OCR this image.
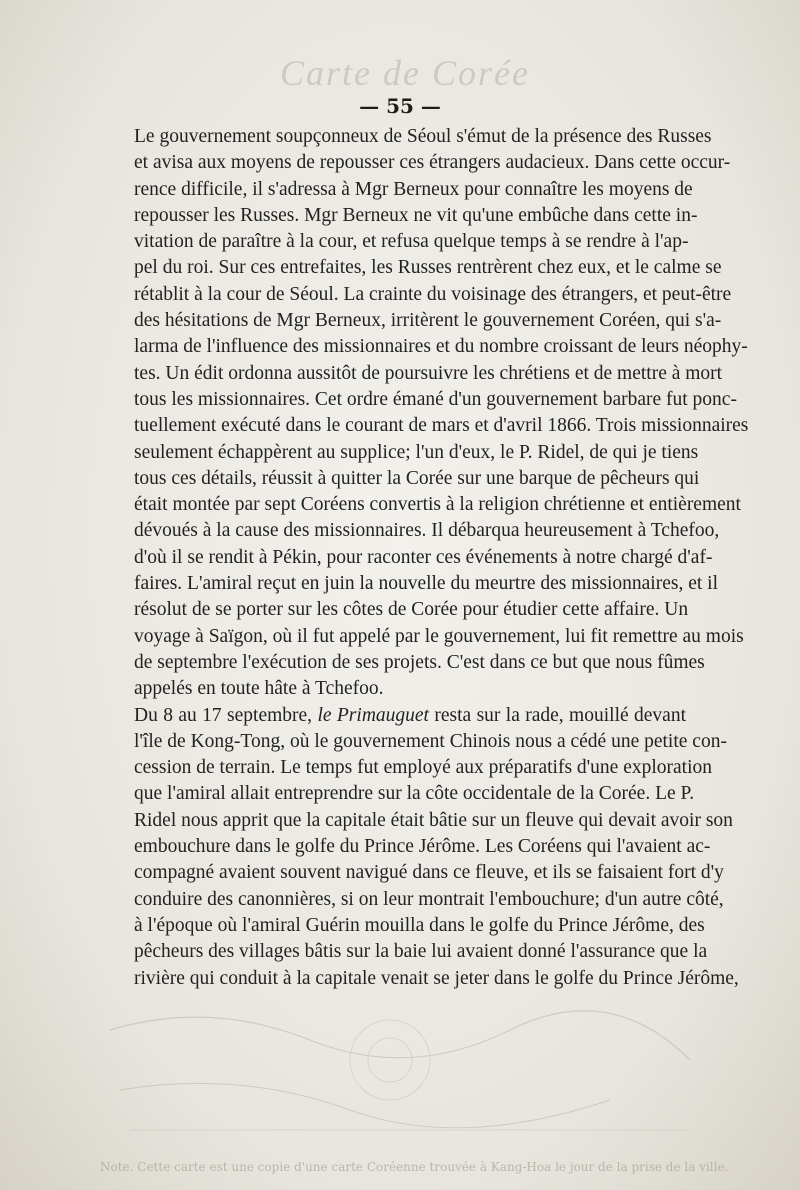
Carte de Corée
— 55 —

Le gouvernement soupçonneux de Séoul s'émut de la présence des Russes
et avisa aux moyens de repousser ces étrangers audacieux. Dans cette occur-
rence difficile, il s'adressa à Mgr Berneux pour connaître les moyens de
repousser les Russes. Mgr Berneux ne vit qu'une embûche dans cette in-
vitation de paraître à la cour, et refusa quelque temps à se rendre à l'ap-
pel du roi. Sur ces entrefaites, les Russes rentrèrent chez eux, et le calme se
rétablit à la cour de Séoul. La crainte du voisinage des étrangers, et peut-être
des hésitations de Mgr Berneux, irritèrent le gouvernement Coréen, qui s'a-
larma de l'influence des missionnaires et du nombre croissant de leurs néophy-
tes. Un édit ordonna aussitôt de poursuivre les chrétiens et de mettre à mort
tous les missionnaires. Cet ordre émané d'un gouvernement barbare fut ponc-
tuellement exécuté dans le courant de mars et d'avril 1866. Trois missionnaires
seulement échappèrent au supplice; l'un d'eux, le P. Ridel, de qui je tiens
tous ces détails, réussit à quitter la Corée sur une barque de pêcheurs qui
était montée par sept Coréens convertis à la religion chrétienne et entièrement
dévoués à la cause des missionnaires. Il débarqua heureusement à Tchefoo,
d'où il se rendit à Pékin, pour raconter ces événements à notre chargé d'af-
faires. L'amiral reçut en juin la nouvelle du meurtre des missionnaires, et il
résolut de se porter sur les côtes de Corée pour étudier cette affaire. Un
voyage à Saïgon, où il fut appelé par le gouvernement, lui fit remettre au mois
de septembre l'exécution de ses projets. C'est dans ce but que nous fûmes
appelés en toute hâte à Tchefoo.

Du 8 au 17 septembre, le Primauguet resta sur la rade, mouillé devant
l'île de Kong-Tong, où le gouvernement Chinois nous a cédé une petite con-
cession de terrain. Le temps fut employé aux préparatifs d'une exploration
que l'amiral allait entreprendre sur la côte occidentale de la Corée. Le P.
Ridel nous apprit que la capitale était bâtie sur un fleuve qui devait avoir son
embouchure dans le golfe du Prince Jérôme. Les Coréens qui l'avaient ac-
compagné avaient souvent navigué dans ce fleuve, et ils se faisaient fort d'y
conduire des canonnières, si on leur montrait l'embouchure; d'un autre côté,
à l'époque où l'amiral Guérin mouilla dans le golfe du Prince Jérôme, des
pêcheurs des villages bâtis sur la baie lui avaient donné l'assurance que la
rivière qui conduit à la capitale venait se jeter dans le golfe du Prince Jérôme,

Note. Cette carte est une copie d'une carte Coréenne trouvée à Kang-Hoa le jour de la prise de la ville.
